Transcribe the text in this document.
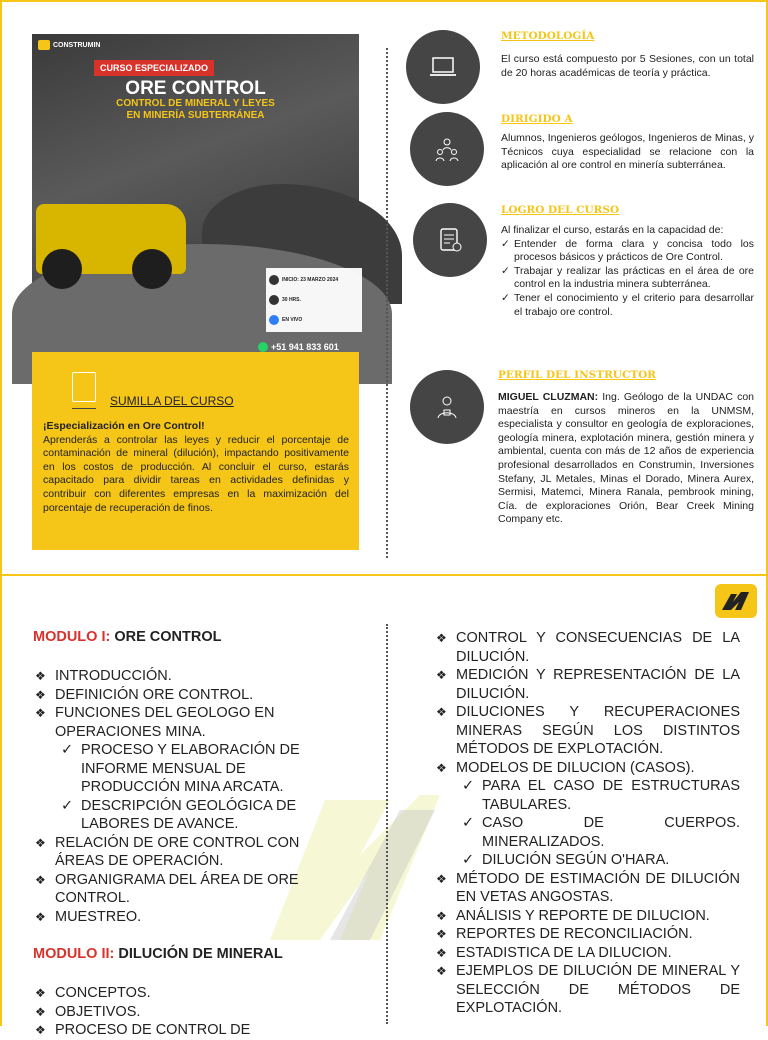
CONSTRUMIN
CURSO ESPECIALIZADO
ORE CONTROL
CONTROL DE MINERAL Y LEYES
EN MINERÍA SUBTERRÁNEA
INICIO: 23 MARZO 2024
30 HRS.
EN VIVO
+51 941 833 601
SUMILLA DEL CURSO
¡Especialización en Ore Control!
Aprenderás a controlar las leyes y reducir el porcentaje de contaminación de mineral (dilución), impactando positivamente en los costos de producción. Al concluir el curso, estarás capacitado para dividir tareas en actividades definidas y contribuir con diferentes empresas en la maximización del porcentaje de recuperación de finos.
METODOLOGÍA
El curso está compuesto por 5 Sesiones, con un total de 20 horas académicas de teoría y práctica.
DIRIGIDO A
Alumnos, Ingenieros geólogos, Ingenieros de Minas, y Técnicos cuya especialidad se relacione con la aplicación al ore control en minería subterránea.
LOGRO DEL CURSO
Al finalizar el curso, estarás en la capacidad de:
✓ Entender de forma clara y concisa todo los procesos básicos y prácticos de Ore Control.
✓ Trabajar y realizar las prácticas en el área de ore control en la industria minera subterránea.
✓ Tener el conocimiento y el criterio para desarrollar el trabajo ore control.
PERFIL DEL INSTRUCTOR
MIGUEL CLUZMAN: Ing. Geólogo de la UNDAC con maestría en cursos mineros en la UNMSM, especialista y consultor en geología de exploraciones, geología minera, explotación minera, gestión minera y ambiental, cuenta con más de 12 años de experiencia profesional desarrollados en Construmin, Inversiones Stefany, JL Metales, Minas el Dorado, Minera Aurex, Sermisi, Matemci, Minera Ranala, pembrook mining, Cía. de exploraciones Orión, Bear Creek Mining Company etc.
MODULO I: ORE CONTROL
❖ INTRODUCCIÓN.
❖ DEFINICIÓN ORE CONTROL.
❖ FUNCIONES DEL GEOLOGO EN OPERACIONES MINA.
✓ PROCESO Y ELABORACIÓN DE INFORME MENSUAL DE PRODUCCIÓN MINA ARCATA.
✓ DESCRIPCIÓN GEOLÓGICA DE LABORES DE AVANCE.
❖ RELACIÓN DE ORE CONTROL CON ÁREAS DE OPERACIÓN.
❖ ORGANIGRAMA DEL ÁREA DE ORE CONTROL.
❖ MUESTREO.
MODULO II: DILUCIÓN DE MINERAL
❖ CONCEPTOS.
❖ OBJETIVOS.
❖ PROCESO DE CONTROL DE
❖ CONTROL Y CONSECUENCIAS DE LA DILUCIÓN.
❖ MEDICIÓN Y REPRESENTACIÓN DE LA DILUCIÓN.
❖ DILUCIONES Y RECUPERACIONES MINERAS SEGÚN LOS DISTINTOS MÉTODOS DE EXPLOTACIÓN.
❖ MODELOS DE DILUCION (CASOS).
✓ PARA EL CASO DE ESTRUCTURAS TABULARES.
✓ CASO DE CUERPOS. MINERALIZADOS.
✓ DILUCIÓN SEGÚN O'HARA.
❖ MÉTODO DE ESTIMACIÓN DE DILUCIÓN EN VETAS ANGOSTAS.
❖ ANÁLISIS Y REPORTE DE DILUCION.
❖ REPORTES DE RECONCILIACIÓN.
❖ ESTADISTICA DE LA DILUCION.
❖ EJEMPLOS DE DILUCIÓN DE MINERAL Y SELECCIÓN DE MÉTODOS DE EXPLOTACIÓN.
